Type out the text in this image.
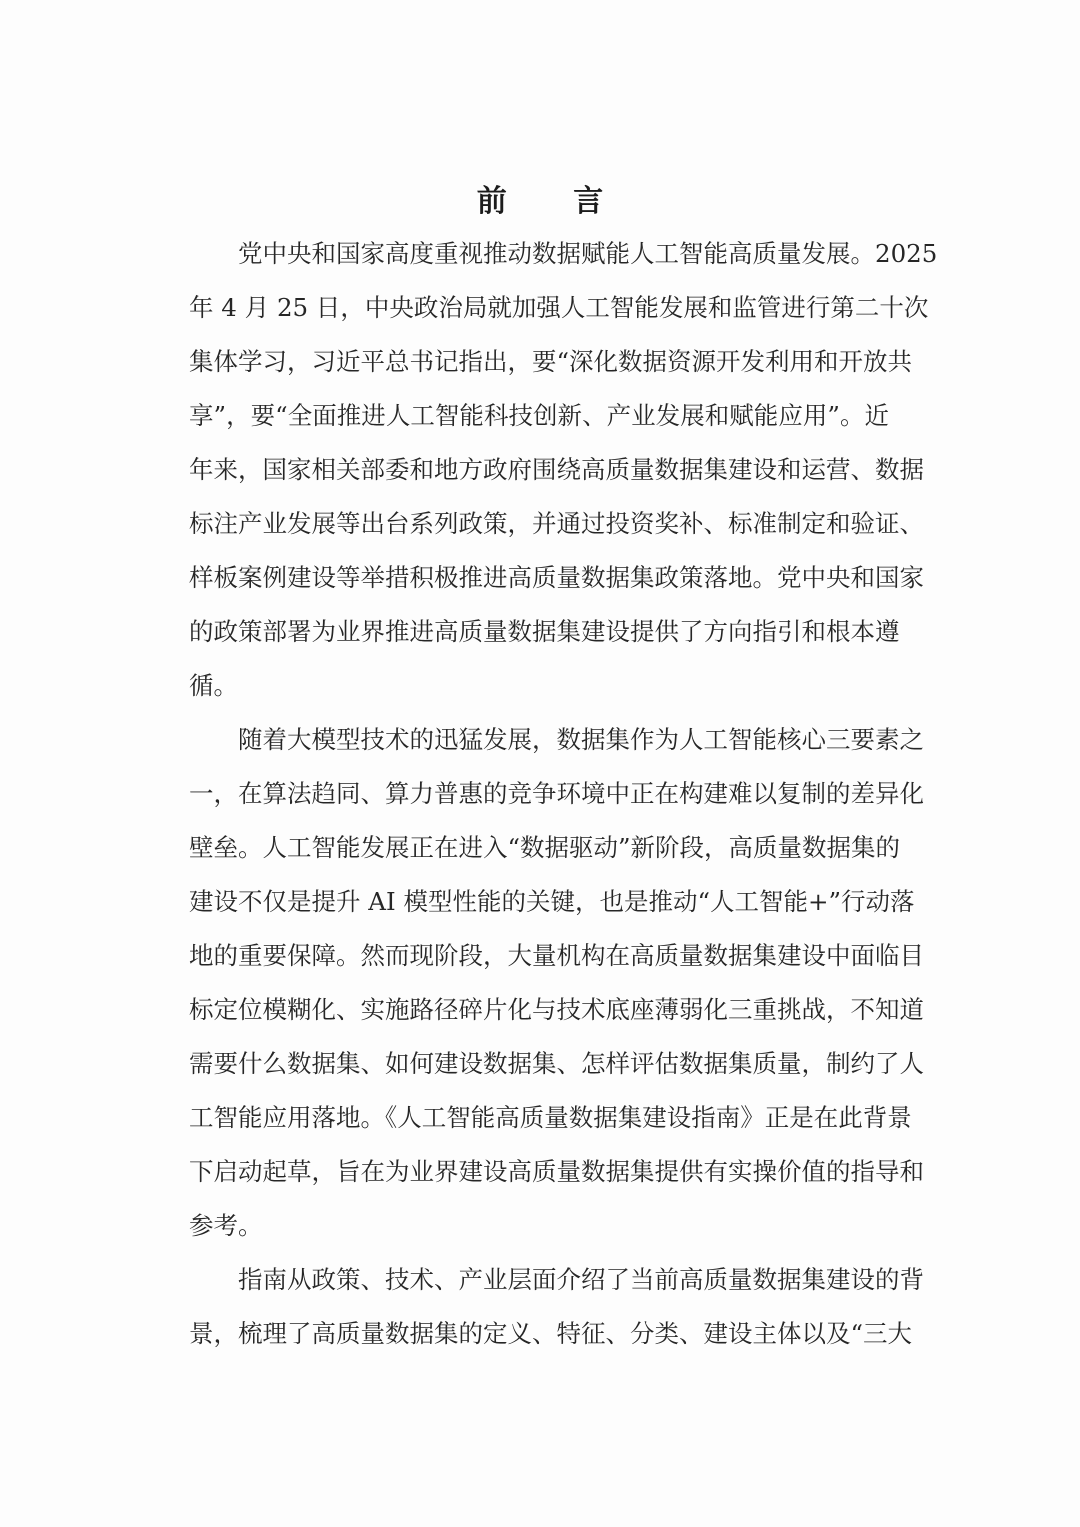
前 言
党中央和国家高度重视推动数据赋能人工智能高质量发展。2025
年 4 月 25 日，中央政治局就加强人工智能发展和监管进行第二十次
集体学习，习近平总书记指出，要“深化数据资源开发利用和开放共
享”，要“全面推进人工智能科技创新、产业发展和赋能应用”。近
年来，国家相关部委和地方政府围绕高质量数据集建设和运营、数据
标注产业发展等出台系列政策，并通过投资奖补、标准制定和验证、
样板案例建设等举措积极推进高质量数据集政策落地。党中央和国家
的政策部署为业界推进高质量数据集建设提供了方向指引和根本遵
循。
随着大模型技术的迅猛发展，数据集作为人工智能核心三要素之
一，在算法趋同、算力普惠的竞争环境中正在构建难以复制的差异化
壁垒。人工智能发展正在进入“数据驱动”新阶段，高质量数据集的
建设不仅是提升 AI 模型性能的关键，也是推动“人工智能+”行动落
地的重要保障。然而现阶段，大量机构在高质量数据集建设中面临目
标定位模糊化、实施路径碎片化与技术底座薄弱化三重挑战，不知道
需要什么数据集、如何建设数据集、怎样评估数据集质量，制约了人
工智能应用落地。《人工智能高质量数据集建设指南》正是在此背景
下启动起草，旨在为业界建设高质量数据集提供有实操价值的指导和
参考。
指南从政策、技术、产业层面介绍了当前高质量数据集建设的背
景，梳理了高质量数据集的定义、特征、分类、建设主体以及“三大
